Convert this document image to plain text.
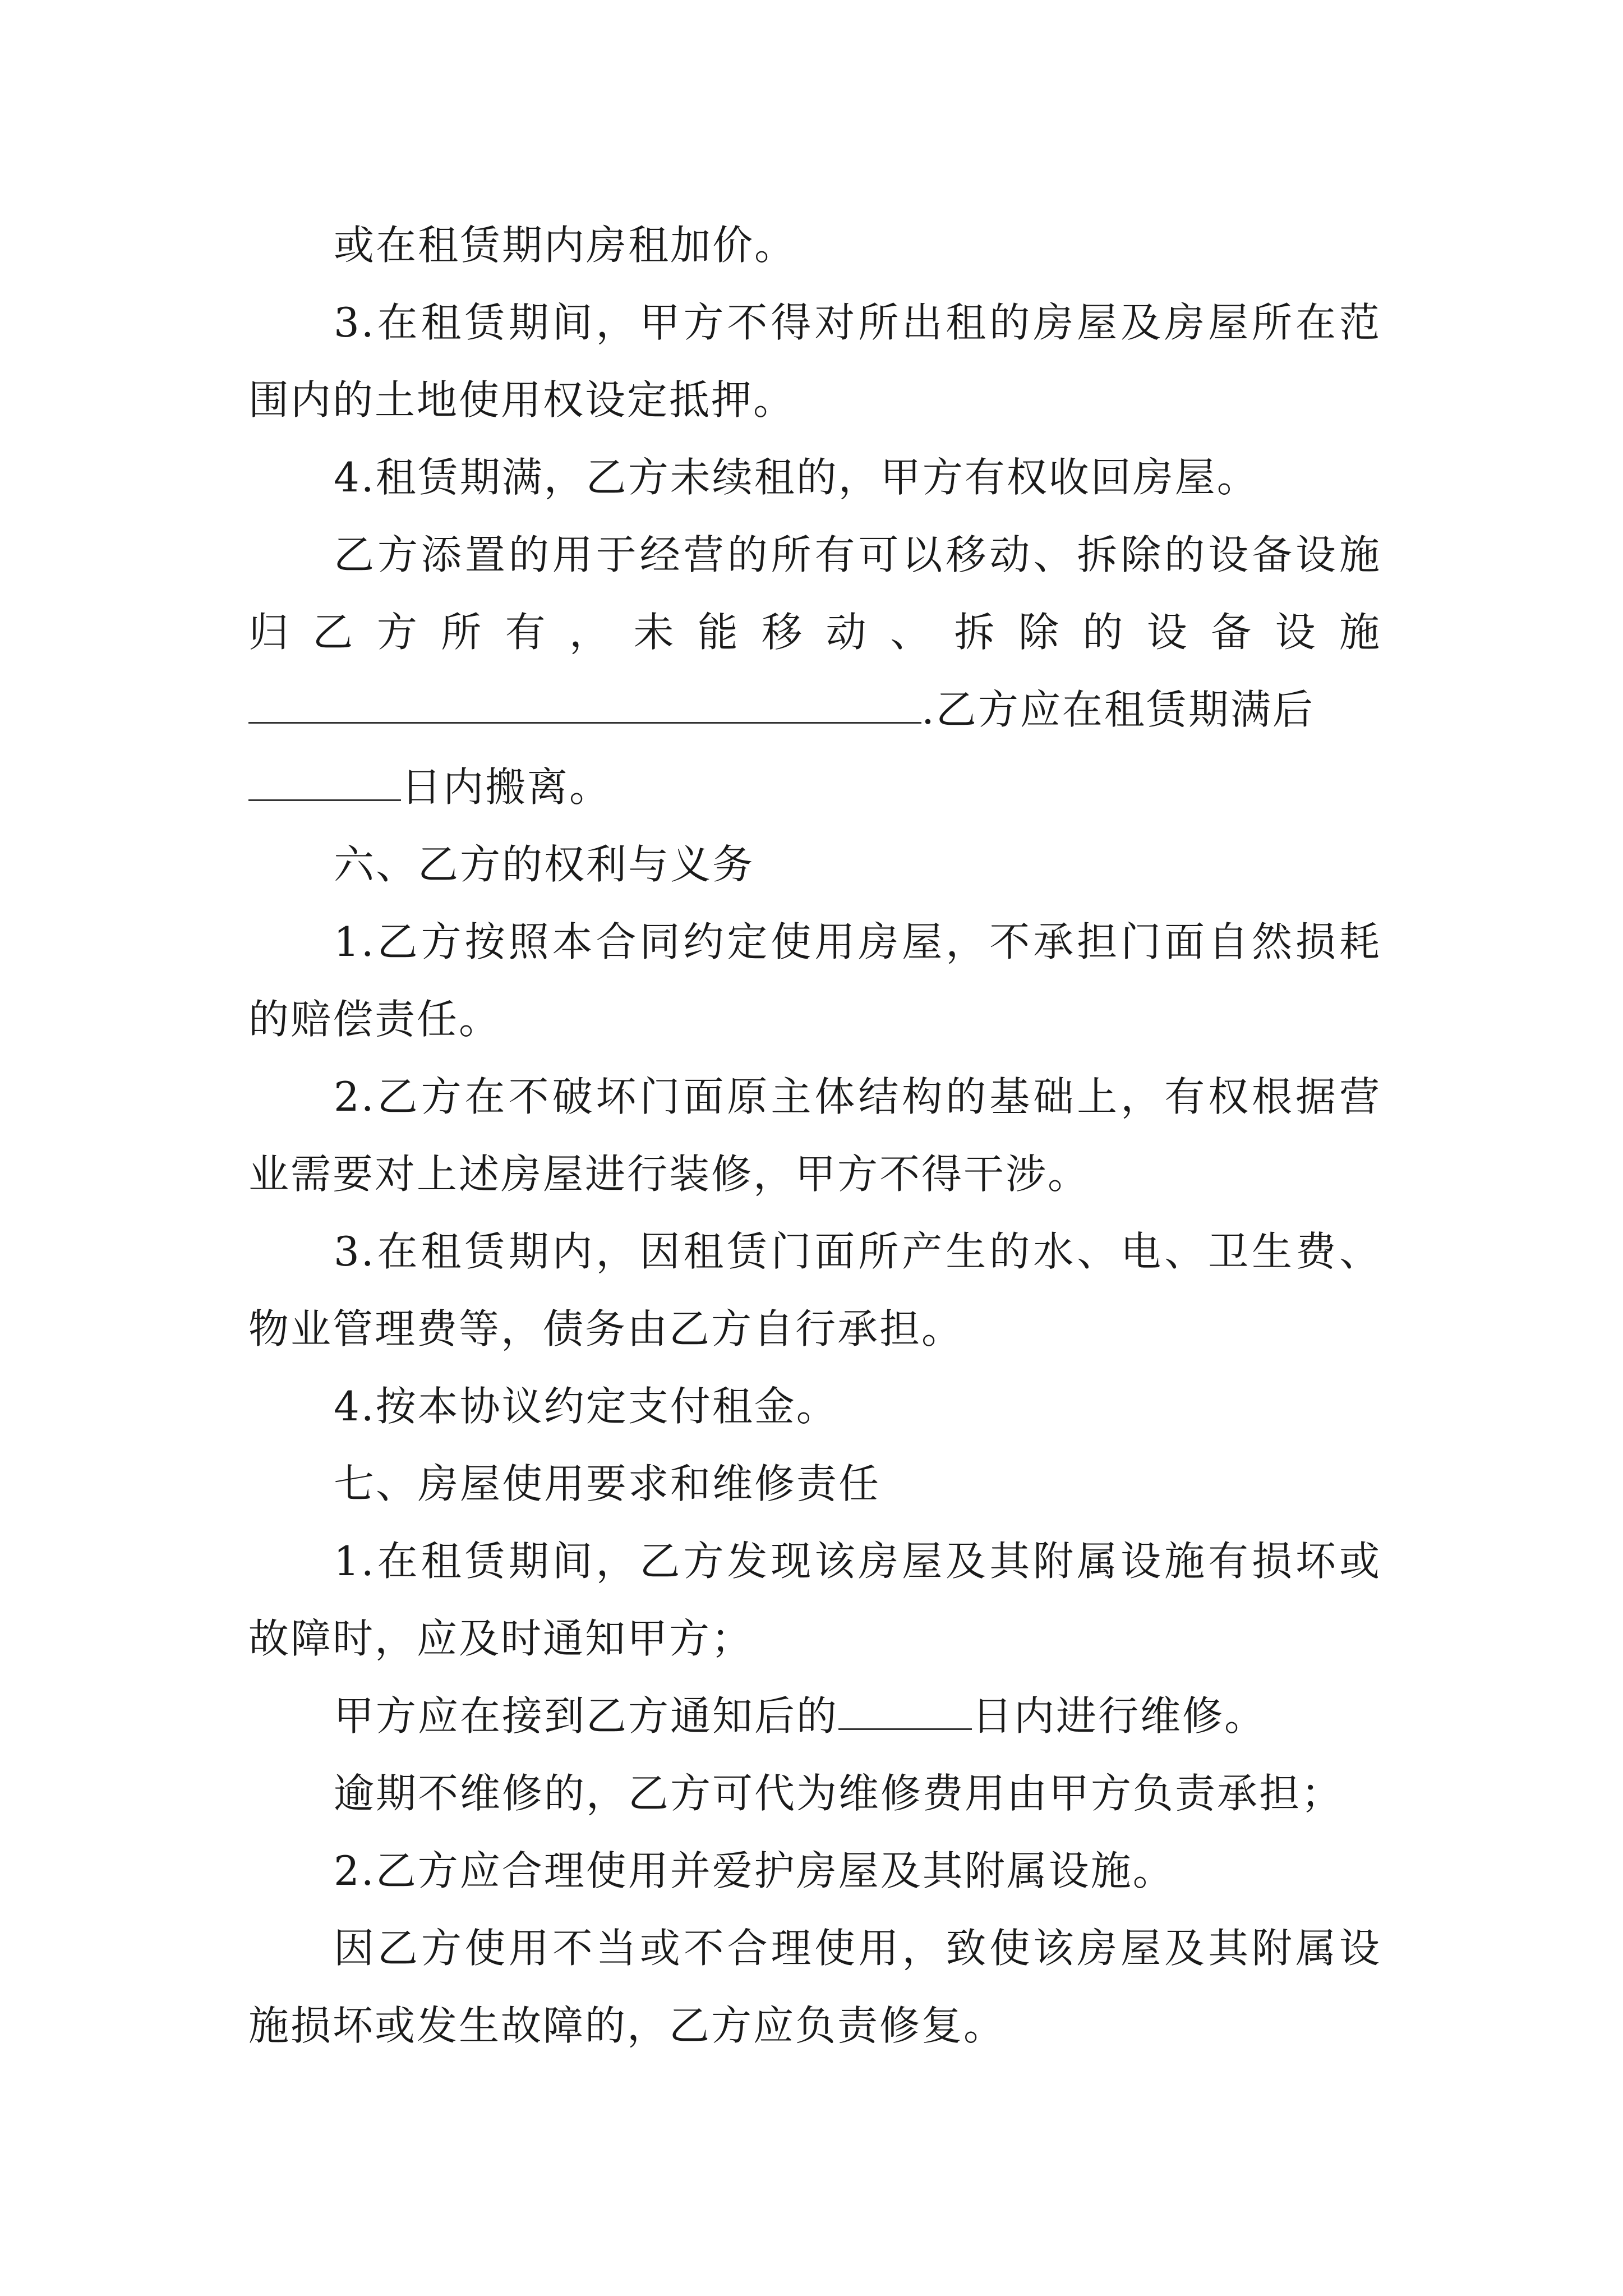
或在租赁期内房租加价。

3.在租赁期间，甲方不得对所出租的房屋及房屋所在范围内的土地使用权设定抵押。

4.租赁期满，乙方未续租的，甲方有权收回房屋。

乙方添置的用于经营的所有可以移动、拆除的设备设施归乙方所有，未能移动、拆除的设备设施

.乙方应在租赁期满后

日内搬离。

六、乙方的权利与义务

1.乙方按照本合同约定使用房屋，不承担门面自然损耗的赔偿责任。

2.乙方在不破坏门面原主体结构的基础上，有权根据营业需要对上述房屋进行装修，甲方不得干涉。

3.在租赁期内，因租赁门面所产生的水、电、卫生费、物业管理费等，债务由乙方自行承担。

4.按本协议约定支付租金。

七、房屋使用要求和维修责任

1.在租赁期间，乙方发现该房屋及其附属设施有损坏或故障时，应及时通知甲方；

甲方应在接到乙方通知后的	日内进行维修。

逾期不维修的，乙方可代为维修费用由甲方负责承担；

2.乙方应合理使用并爱护房屋及其附属设施。

因乙方使用不当或不合理使用，致使该房屋及其附属设施损坏或发生故障的，乙方应负责修复。
